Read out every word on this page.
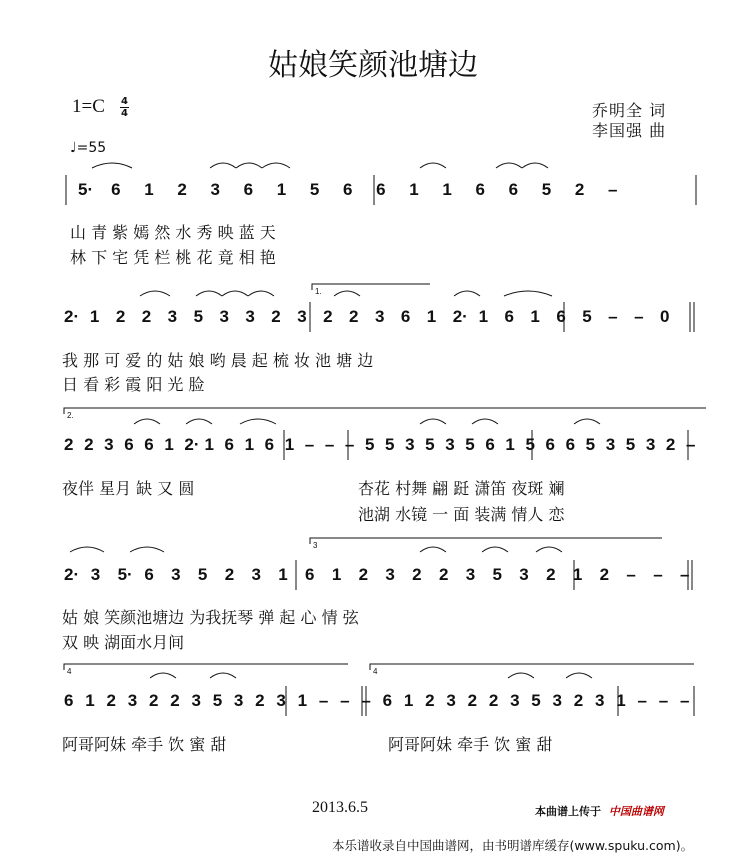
1.
2.
3
4	4
5· 6 1 2 3 6 1 5 6 6 1 1 6 6 5 2 –
2· 1 2 2 3 5 3 3 2 3 2 2 3 6 1 2· 1 6 1 6 5 – – 0
2 2 3 6 6 1 2· 1 6 1 6 1 – – – 5 5 3 5 3 5 6 1 5 6 6 5 3 5 3 2 –
2· 3 5· 6 3 5 2 3 1 6 1 2 3 2 2 3 5 3 2 1 2 – – –
6 1 2 3 2 2 3 5 3 2 3 1 – – – 6 1 2 3 2 2 3 5 3 2 3 1 – – –
姑娘笑颜池塘边
1=C 4
4
♩=55
乔明全 词
李国强 曲
山 青 紫 嫣 然 水 秀 映 蓝 天
林 下 宅 凭 栏 桃 花 竟 相 艳
我 那 可 爱 的 姑 娘 哟 晨 起 梳 妆 池 塘 边
日 看 彩 霞 阳 光 脸
夜伴 星月 缺 又 圆	杏花 村舞 翩 跹 潇笛 夜斑 斓
池湖 水镜 一 面 装满 情人 恋
姑 娘 笑颜池塘边 为我抚琴 弹 起 心 情 弦
双 映 湖面水月间
阿哥阿妹 牵手 饮 蜜 甜	阿哥阿妹 牵手 饮 蜜 甜
2013.6.5	本曲谱上传于 中国曲谱网
本乐谱收录自中国曲谱网，由书明谱库缓存(www.spuku.com)。
